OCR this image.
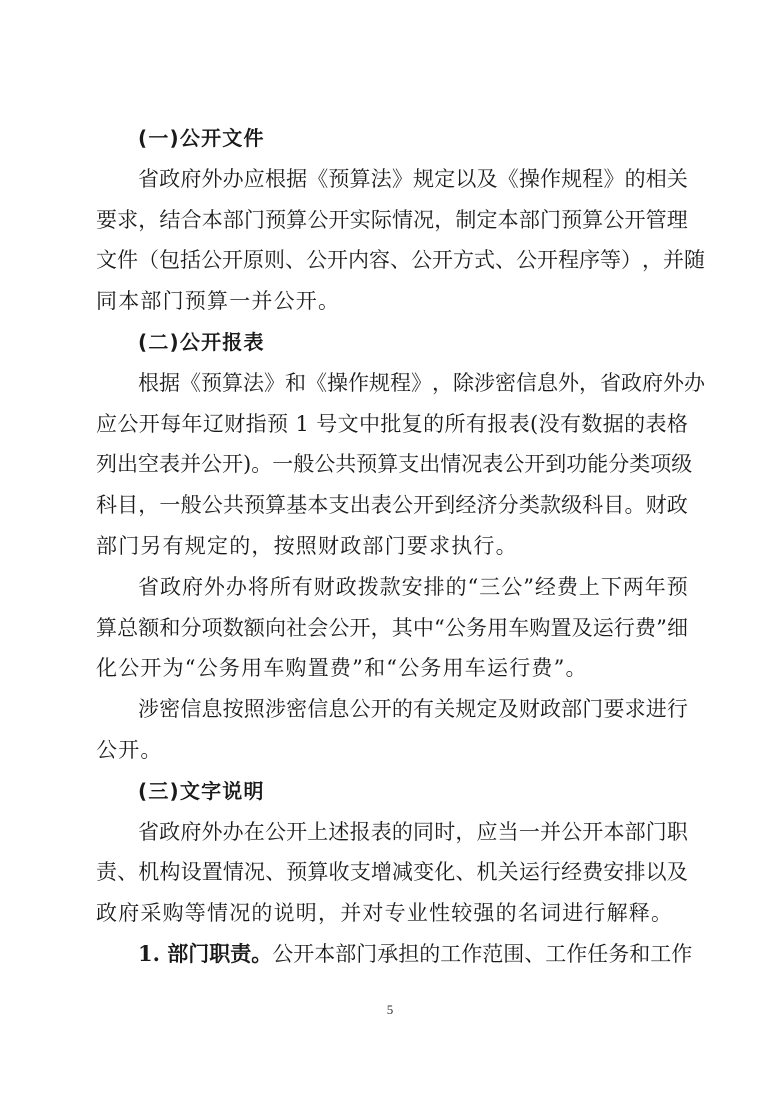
(一)公开文件
省 政 府 外 办 应 根 据 《 预 算 法 》 规 定 以 及 《 操 作 规 程 》 的 相 关
要 求 ， 结 合 本 部 门 预 算 公 开 实 际 情 况 ， 制 定 本 部 门 预 算 公 开 管 理
文 件 （ 包 括 公 开 原 则 、 公 开 内 容 、 公 开 方 式 、 公 开 程 序 等 ） ， 并 随
同本部门预算一并公开。
(二)公开报表
根 据 《 预 算 法 》 和 《 操 作 规 程 》 ， 除 涉 密 信 息 外 ， 省 政 府 外 办
应 公 开 每 年 辽 财 指 预
1
号 文 中 批 复 的 所 有 报 表 ( 没 有 数 据 的 表 格
列 出 空 表 并 公 开 ) 。 一 般 公 共 预 算 支 出 情 况 表 公 开 到 功 能 分 类 项 级
科 目 ， 一 般 公 共 预 算 基 本 支 出 表 公 开 到 经 济 分 类 款 级 科 目 。 财 政
部门另有规定的，按照财政部门要求执行。
省 政 府 外 办 将 所 有 财 政 拨 款 安 排 的 “ 三 公 ” 经 费 上 下 两 年 预
算 总 额 和 分 项 数 额 向 社 会 公 开 ， 其 中 “ 公 务 用 车 购 置 及 运 行 费 ” 细
化公开为“公务用车购置费”和“公务用车运行费”。
涉 密 信 息 按 照 涉 密 信 息 公 开 的 有 关 规 定 及 财 政 部 门 要 求 进 行
公开。
(三)文字说明
省 政 府 外 办 在 公 开 上 述 报 表 的 同 时 ， 应 当 一 并 公 开 本 部 门 职
责 、 机 构 设 置 情 况 、 预 算 收 支 增 减 变 化 、 机 关 运 行 经 费 安 排 以 及
政府采购等情况的说明，并对专业性较强的名词进行解释。
1. 部门职责。 公开本部门承担的工作范围、工作任务和工作
5
